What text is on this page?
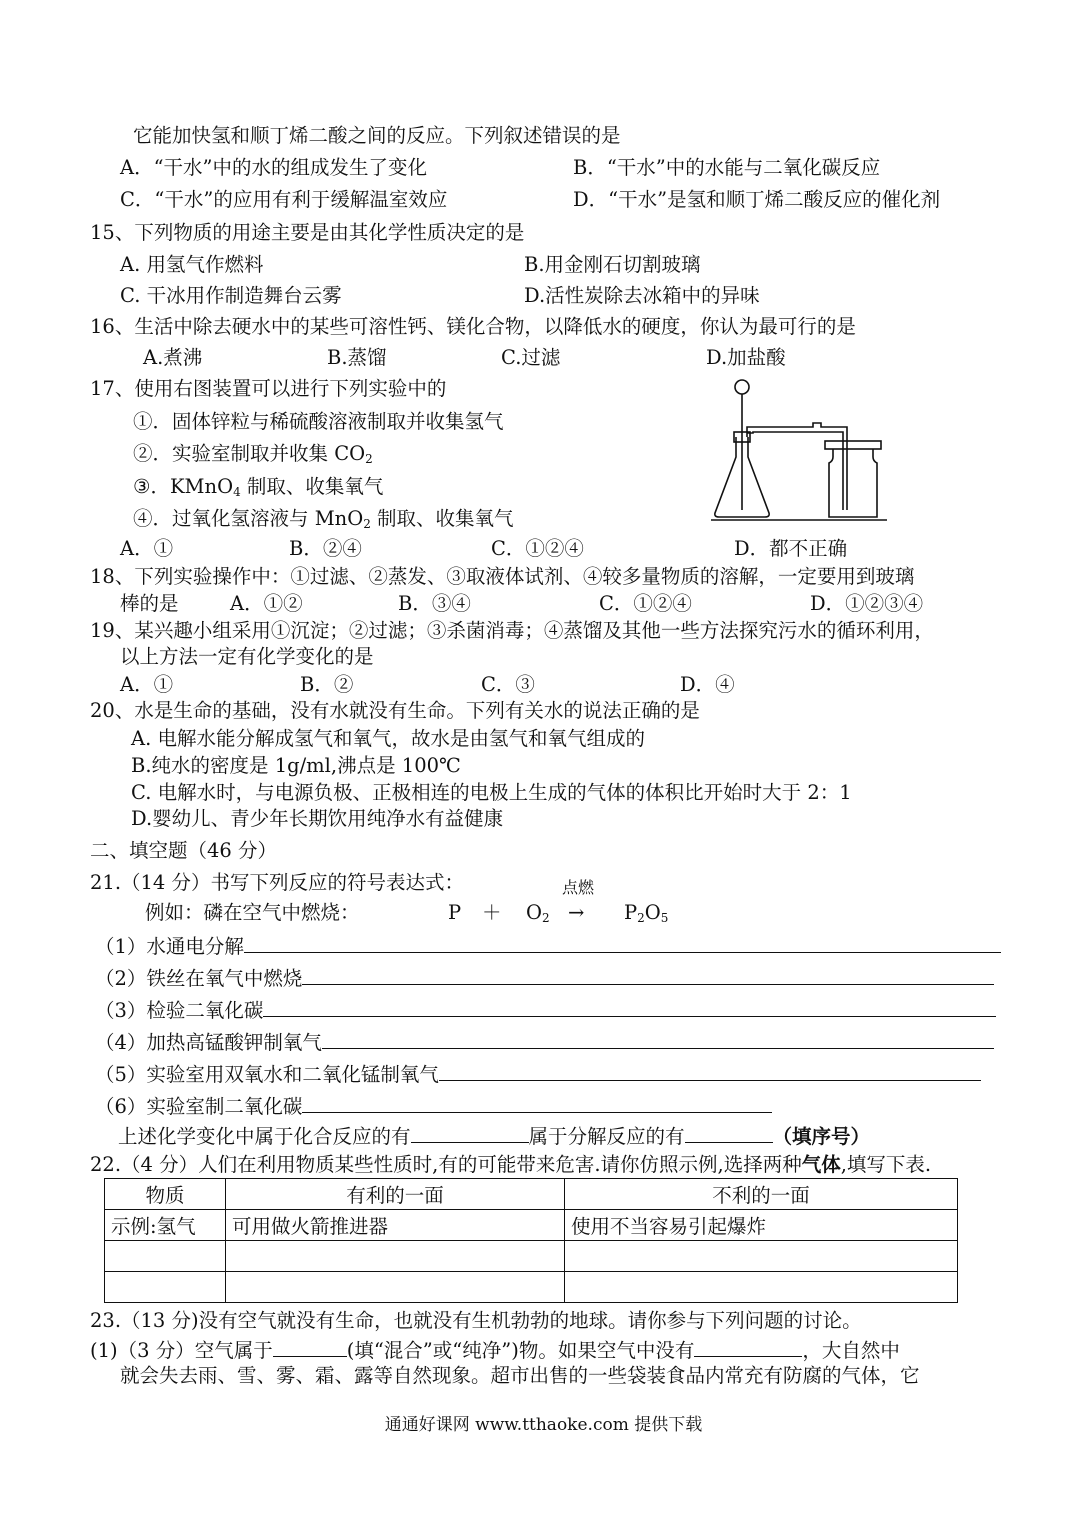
它能加快氢和顺丁烯二酸之间的反应。下列叙述错误的是
A．“干水”中的水的组成发生了变化	B．“干水”中的水能与二氧化碳反应
C．“干水”的应用有利于缓解温室效应	D．“干水”是氢和顺丁烯二酸反应的催化剂
15、下列物质的用途主要是由其化学性质决定的是
A. 用氢气作燃料	B.用金刚石切割玻璃
C. 干冰用作制造舞台云雾	D.活性炭除去冰箱中的异味
16、生活中除去硬水中的某些可溶性钙、镁化合物，以降低水的硬度，你认为最可行的是
A.煮沸	B.蒸馏	C.过滤	D.加盐酸
17、使用右图装置可以进行下列实验中的
①．固体锌粒与稀硫酸溶液制取并收集氢气
②．实验室制取并收集 $CO_2$
③．KMnO$_4$ 制取、收集氧气
④．过氧化氢溶液与 MnO$_2$ 制取、收集氧气
A．①	B．②④	C．①②④	D．都不正确
18、下列实验操作中：①过滤、②蒸发、③取液体试剂、④较多量物质的溶解，一定要用到玻璃
棒的是	A．①②	B．③④	C．①②④	D．①②③④
19、某兴趣小组采用①沉淀；②过滤；③杀菌消毒；④蒸馏及其他一些方法探究污水的循环利用，
以上方法一定有化学变化的是
A．①	B．②	C．③	D．④
20、水是生命的基础，没有水就没有生命。下列有关水的说法正确的是
A. 电解水能分解成氢气和氧气，故水是由氢气和氧气组成的
B.纯水的密度是 1g/ml,沸点是 100℃
C. 电解水时，与电源负极、正极相连的电极上生成的气体的体积比开始时大于 2：1
D.婴幼儿、青少年长期饮用纯净水有益健康
二、填空题（46 分）
21.（14 分）书写下列反应的符号表达式：
例如：磷在空气中燃烧：	$P + O_2$
点燃
→ $P_2O_5$
（1）水通电分解
（2）铁丝在氧气中燃烧
（3）检验二氧化碳
（4）加热高锰酸钾制氧气
（5）实验室用双氧水和二氧化锰制氧气
（6）实验室制二氧化碳
上述化学变化中属于化合反应的有	属于分解反应的有	（填序号）
22.（4 分）人们在利用物质某些性质时,有的可能带来危害.请你仿照示例,选择两种气体,填写下表.
物质	有利的一面	不利的一面
示例:氢气	可用做火箭推进器	使用不当容易引起爆炸

23.（13 分)没有空气就没有生命，也就没有生机勃勃的地球。请你参与下列问题的讨论。
(1)（3 分）空气属于	(填“混合”或“纯净”)物。如果空气中没有	，大自然中
就会失去雨、雪、雾、霜、露等自然现象。超市出售的一些袋装食品内常充有防腐的气体，它
通通好课网 www.tthaoke.com 提供下载
